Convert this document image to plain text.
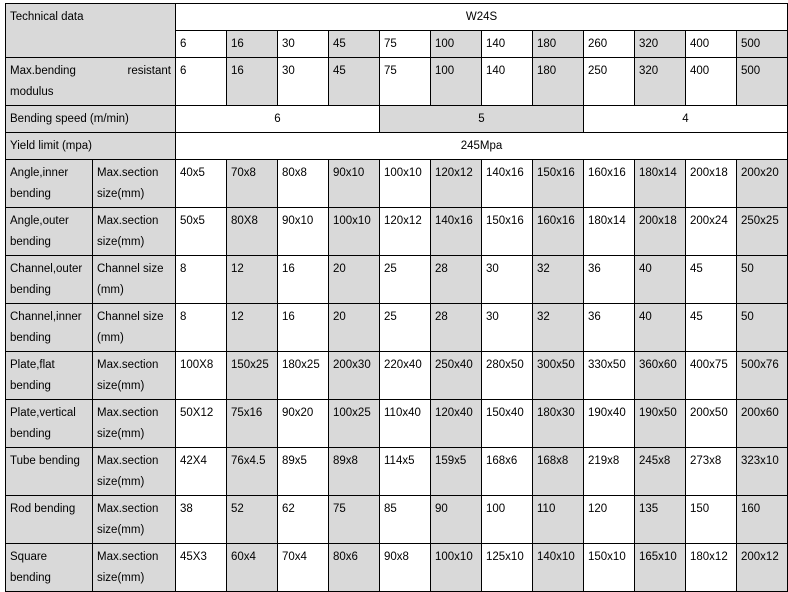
Technical data		W24S											
		6	16	30	45	75	100	140	180	260	320	400	500

Max.bending resistant
modulus		6	16	30	45	75	100	140	180	250	320	400	500
Bending speed (m/min)		6				5				4			
Yield limit (mpa)		245Mpa											
Angle,inner bending	Max.section size(mm)	40x5	70x8	80x8	90x10	100x10	120x12	140x16	150x16	160x16	180x14	200x18	200x20
Angle,outer bending	Max.section size(mm)	50x5	80X8	90x10	100x10	120x12	140x16	150x16	160x16	180x14	200x18	200x24	250x25
Channel,outer bending	Channel size (mm)	8	12	16	20	25	28	30	32	36	40	45	50
Channel,inner bending	Channel size (mm)	8	12	16	20	25	28	30	32	36	40	45	50
Plate,flat bending	Max.section size(mm)	100X8	150x25	180x25	200x30	220x40	250x40	280x50	300x50	330x50	360x60	400x75	500x76
Plate,vertical bending	Max.section size(mm)	50X12	75x16	90x20	100x25	110x40	120x40	150x40	180x30	190x40	190x50	200x50	200x60
Tube bending	Max.section size(mm)	42X4	76x4.5	89x5	89x8	114x5	159x5	168x6	168x8	219x8	245x8	273x8	323x10
Rod bending	Max.section size(mm)	38	52	62	75	85	90	100	110	120	135	150	160
Square bending	Max.section size(mm)	45X3	60x4	70x4	80x6	90x8	100x10	125x10	140x10	150x10	165x10	180x12	200x12
